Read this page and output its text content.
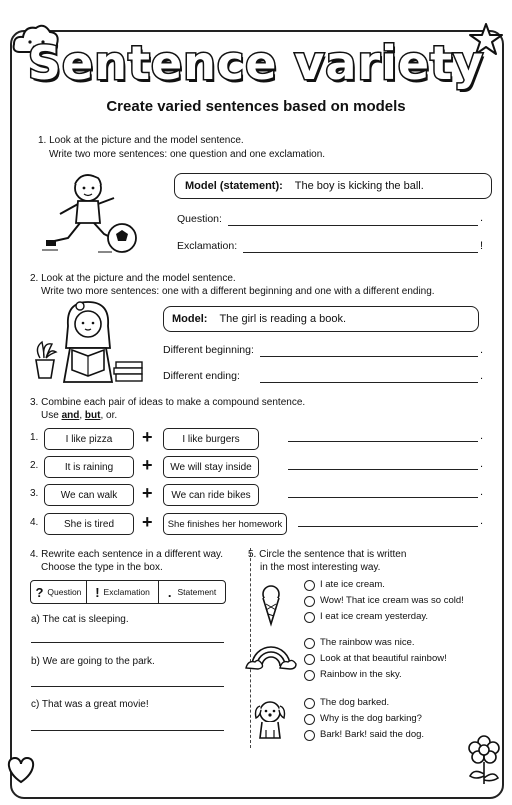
Sentence variety
Create varied sentences based on models
1. Look at the picture and the model sentence.
Write two more sentences: one question and one exclamation.
Model (statement): The boy is kicking the ball.
Question:	.
Exclamation:	!
2. Look at the picture and the model sentence.
Write two more sentences: one with a different beginning and one with a different ending.
Model: The girl is reading a book.
Different beginning:	.
Different ending:	.
3. Combine each pair of ideas to make a compound sentence.
Use and, but, or.
1.	I like pizza	+	I like burgers	.
2.	It is raining	+	We will stay inside	.
3.	We can walk	+	We can ride bikes	.
4.	She is tired	+	She finishes her homework	.
4. Rewrite each sentence in a different way.
Choose the type in the box.
? Question ! Exclamation . Statement
a) The cat is sleeping.
b) We are going to the park.
c) That was a great movie!
5. Circle the sentence that is written
in the most interesting way.
I ate ice cream.
Wow! That ice cream was so cold!
I eat ice cream yesterday.
The rainbow was nice.
Look at that beautiful rainbow!
Rainbow in the sky.
The dog barked.
Why is the dog barking?
Bark! Bark! said the dog.
